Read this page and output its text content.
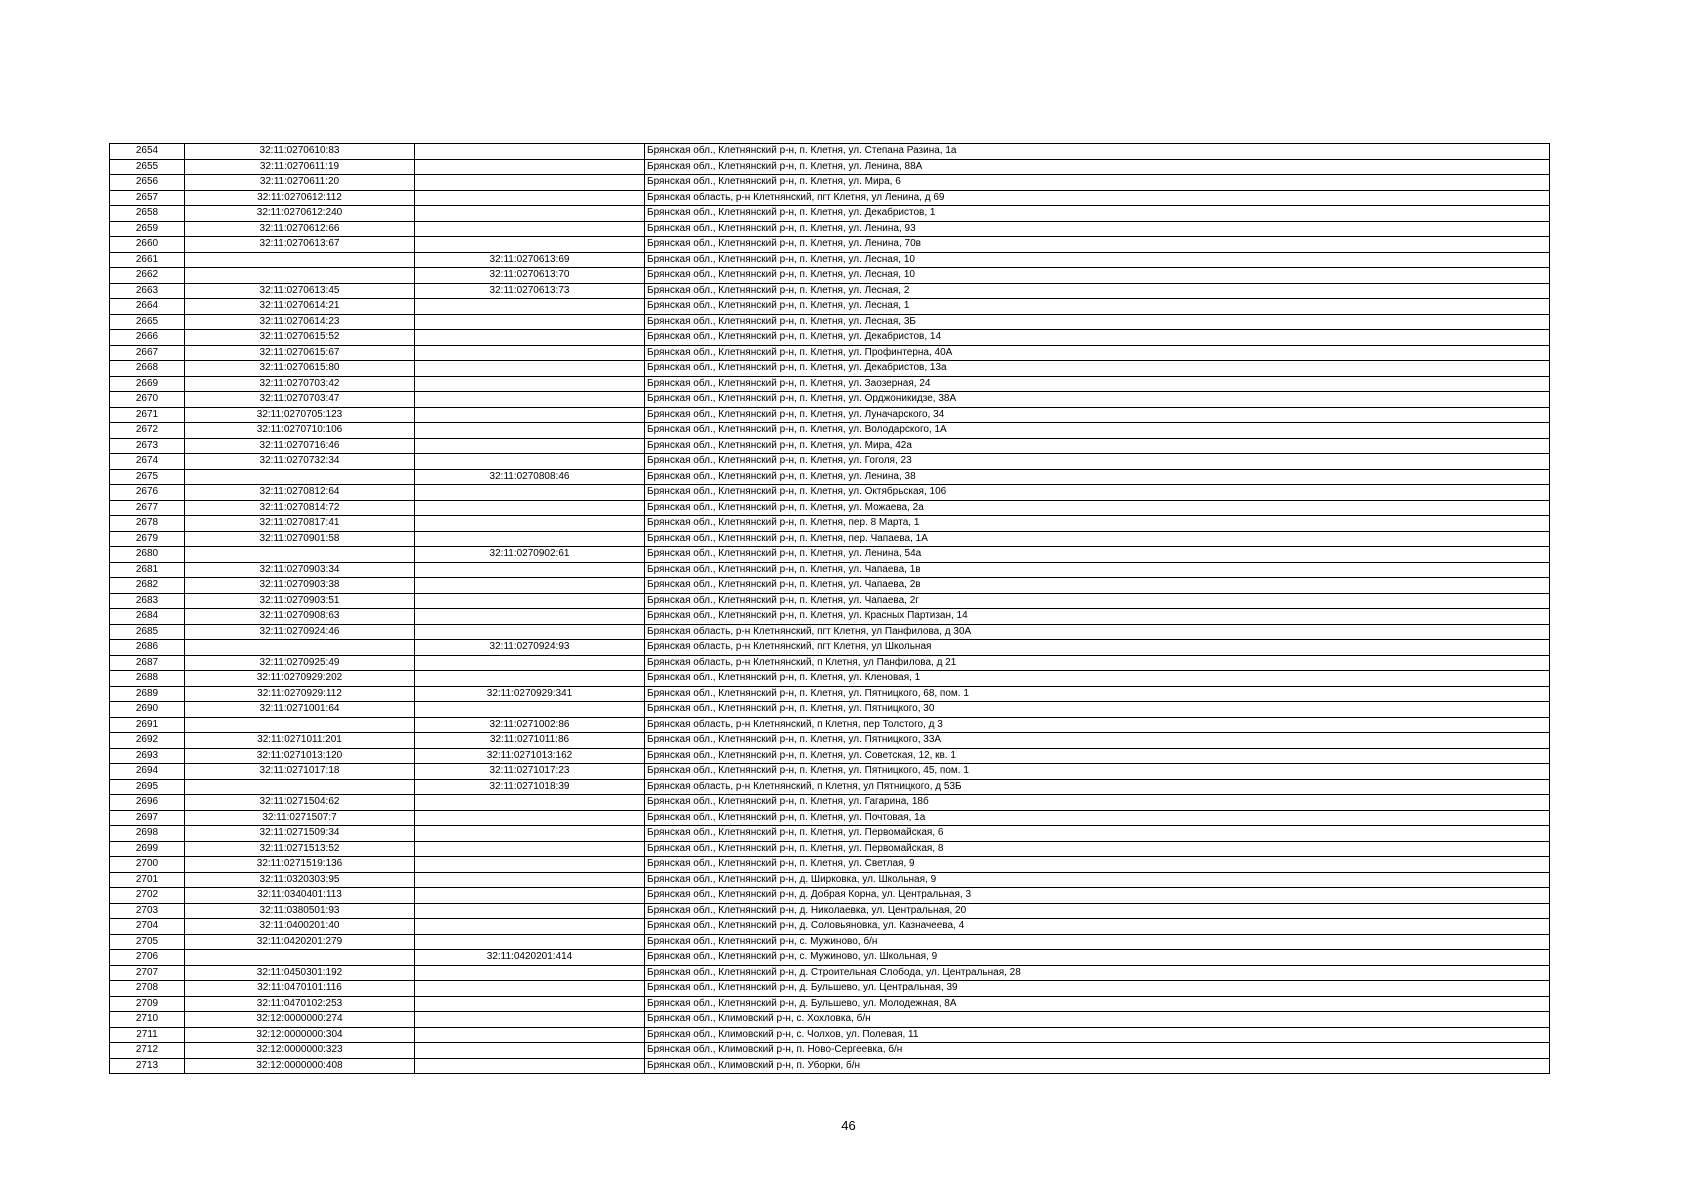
2654	32:11:0270610:83		Брянская обл., Клетнянский р-н, п. Клетня, ул. Степана Разина, 1а
2655	32:11:0270611:19		Брянская обл., Клетнянский р-н, п. Клетня, ул. Ленина, 88А
2656	32:11:0270611:20		Брянская обл., Клетнянский р-н, п. Клетня, ул. Мира, 6
2657	32:11:0270612:112		Брянская область, р-н Клетнянский, пгт Клетня, ул Ленина, д 69
2658	32:11:0270612:240		Брянская обл., Клетнянский р-н, п. Клетня, ул. Декабристов, 1
2659	32:11:0270612:66		Брянская обл., Клетнянский р-н, п. Клетня, ул. Ленина, 93
2660	32:11:0270613:67		Брянская обл., Клетнянский р-н, п. Клетня, ул. Ленина, 70в
2661		32:11:0270613:69	Брянская обл., Клетнянский р-н, п. Клетня, ул. Лесная, 10
2662		32:11:0270613:70	Брянская обл., Клетнянский р-н, п. Клетня, ул. Лесная, 10
2663	32:11:0270613:45	32:11:0270613:73	Брянская обл., Клетнянский р-н, п. Клетня, ул. Лесная, 2
2664	32:11:0270614:21		Брянская обл., Клетнянский р-н, п. Клетня, ул. Лесная, 1
2665	32:11:0270614:23		Брянская обл., Клетнянский р-н, п. Клетня, ул. Лесная, 3Б
2666	32:11:0270615:52		Брянская обл., Клетнянский р-н, п. Клетня, ул. Декабристов, 14
2667	32:11:0270615:67		Брянская обл., Клетнянский р-н, п. Клетня, ул. Профинтерна, 40А
2668	32:11:0270615:80		Брянская обл., Клетнянский р-н, п. Клетня, ул. Декабристов, 13а
2669	32:11:0270703:42		Брянская обл., Клетнянский р-н, п. Клетня, ул. Заозерная, 24
2670	32:11:0270703:47		Брянская обл., Клетнянский р-н, п. Клетня, ул. Орджоникидзе, 38А
2671	32:11:0270705:123		Брянская обл., Клетнянский р-н, п. Клетня, ул. Луначарского, 34
2672	32:11:0270710:106		Брянская обл., Клетнянский р-н, п. Клетня, ул. Володарского, 1А
2673	32:11:0270716:46		Брянская обл., Клетнянский р-н, п. Клетня, ул. Мира, 42а
2674	32:11:0270732:34		Брянская обл., Клетнянский р-н, п. Клетня, ул. Гоголя, 23
2675		32:11:0270808:46	Брянская обл., Клетнянский р-н, п. Клетня, ул. Ленина, 38
2676	32:11:0270812:64		Брянская обл., Клетнянский р-н, п. Клетня, ул. Октябрьская, 106
2677	32:11:0270814:72		Брянская обл., Клетнянский р-н, п. Клетня, ул. Можаева, 2а
2678	32:11:0270817:41		Брянская обл., Клетнянский р-н, п. Клетня, пер. 8 Марта, 1
2679	32:11:0270901:58		Брянская обл., Клетнянский р-н, п. Клетня, пер. Чапаева, 1А
2680		32:11:0270902:61	Брянская обл., Клетнянский р-н, п. Клетня, ул. Ленина, 54а
2681	32:11:0270903:34		Брянская обл., Клетнянский р-н, п. Клетня, ул. Чапаева, 1в
2682	32:11:0270903:38		Брянская обл., Клетнянский р-н, п. Клетня, ул. Чапаева, 2в
2683	32:11:0270903:51		Брянская обл., Клетнянский р-н, п. Клетня, ул. Чапаева, 2г
2684	32:11:0270908:63		Брянская обл., Клетнянский р-н, п. Клетня, ул. Красных Партизан, 14
2685	32:11:0270924:46		Брянская область, р-н Клетнянский, пгт Клетня, ул Панфилова, д 30А
2686		32:11:0270924:93	Брянская область, р-н Клетнянский, пгт Клетня, ул Школьная
2687	32:11:0270925:49		Брянская область, р-н Клетнянский, п Клетня, ул Панфилова, д 21
2688	32:11:0270929:202		Брянская обл., Клетнянский р-н, п. Клетня, ул. Кленовая, 1
2689	32:11:0270929:112	32:11:0270929:341	Брянская обл., Клетнянский р-н, п. Клетня, ул. Пятницкого, 68, пом. 1
2690	32:11:0271001:64		Брянская обл., Клетнянский р-н, п. Клетня, ул. Пятницкого, 30
2691		32:11:0271002:86	Брянская область, р-н Клетнянский, п Клетня, пер Толстого, д 3
2692	32:11:0271011:201	32:11:0271011:86	Брянская обл., Клетнянский р-н, п. Клетня, ул. Пятницкого, 33А
2693	32:11:0271013:120	32:11:0271013:162	Брянская обл., Клетнянский р-н, п. Клетня, ул. Советская, 12, кв. 1
2694	32:11:0271017:18	32:11:0271017:23	Брянская обл., Клетнянский р-н, п. Клетня, ул. Пятницкого, 45, пом. 1
2695		32:11:0271018:39	Брянская область, р-н Клетнянский, п Клетня, ул Пятницкого, д 53Б
2696	32:11:0271504:62		Брянская обл., Клетнянский р-н, п. Клетня, ул. Гагарина, 18б
2697	32:11:0271507:7		Брянская обл., Клетнянский р-н, п. Клетня, ул. Почтовая, 1а
2698	32:11:0271509:34		Брянская обл., Клетнянский р-н, п. Клетня, ул. Первомайская, 6
2699	32:11:0271513:52		Брянская обл., Клетнянский р-н, п. Клетня, ул. Первомайская, 8
2700	32:11:0271519:136		Брянская обл., Клетнянский р-н, п. Клетня, ул. Светлая, 9
2701	32:11:0320303:95		Брянская обл., Клетнянский р-н, д. Ширковка, ул. Школьная, 9
2702	32:11:0340401:113		Брянская обл., Клетнянский р-н, д. Добрая Корна, ул. Центральная, 3
2703	32:11:0380501:93		Брянская обл., Клетнянский р-н, д. Николаевка, ул. Центральная, 20
2704	32:11:0400201:40		Брянская обл., Клетнянский р-н, д. Соловьяновка, ул. Казначеева, 4
2705	32:11:0420201:279		Брянская обл., Клетнянский р-н, с. Мужиново, б/н
2706		32:11:0420201:414	Брянская обл., Клетнянский р-н, с. Мужиново, ул. Школьная, 9
2707	32:11:0450301:192		Брянская обл., Клетнянский р-н, д. Строительная Слобода, ул. Центральная, 28
2708	32:11:0470101:116		Брянская обл., Клетнянский р-н, д. Бульшево, ул. Центральная, 39
2709	32:11:0470102:253		Брянская обл., Клетнянский р-н, д. Бульшево, ул. Молодежная, 8А
2710	32:12:0000000:274		Брянская обл., Климовский р-н, с. Хохловка, б/н
2711	32:12:0000000:304		Брянская обл., Климовский р-н, с. Чолхов, ул. Полевая, 11
2712	32:12:0000000:323		Брянская обл., Климовский р-н, п. Ново-Сергеевка, б/н
2713	32:12:0000000:408		Брянская обл., Климовский р-н, п. Уборки, б/н
46
